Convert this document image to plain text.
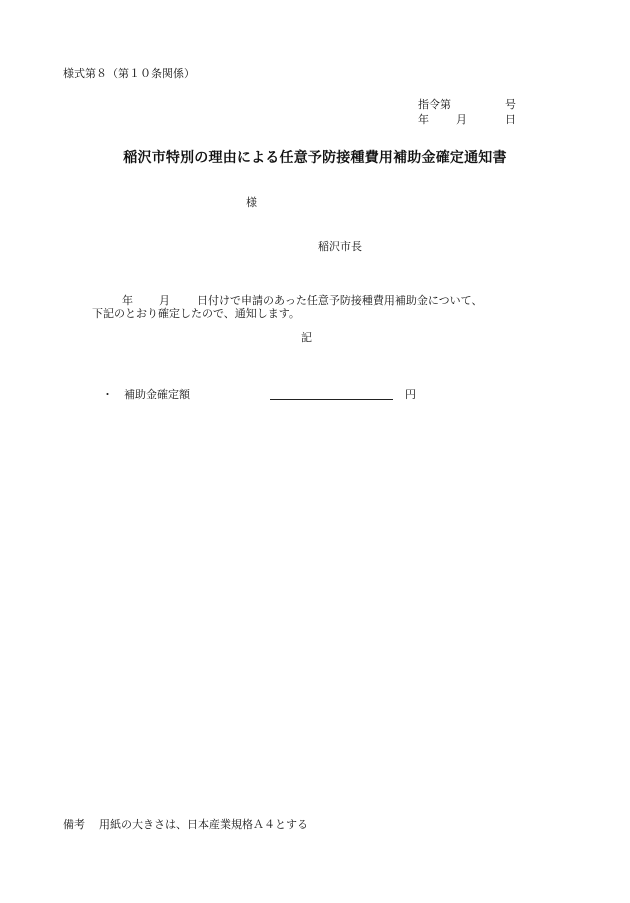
様式第８（第１０条関係）
指令第	号
年 月	日
稲沢市特別の理由による任意予防接種費用補助金確定通知書
様
稲沢市長
年 月 日付けで申請のあった任意予防接種費用補助金について、
下記のとおり確定したので、通知します。
記
・ 補助金確定額	円
備考 用紙の大きさは、日本産業規格Ａ４とする
